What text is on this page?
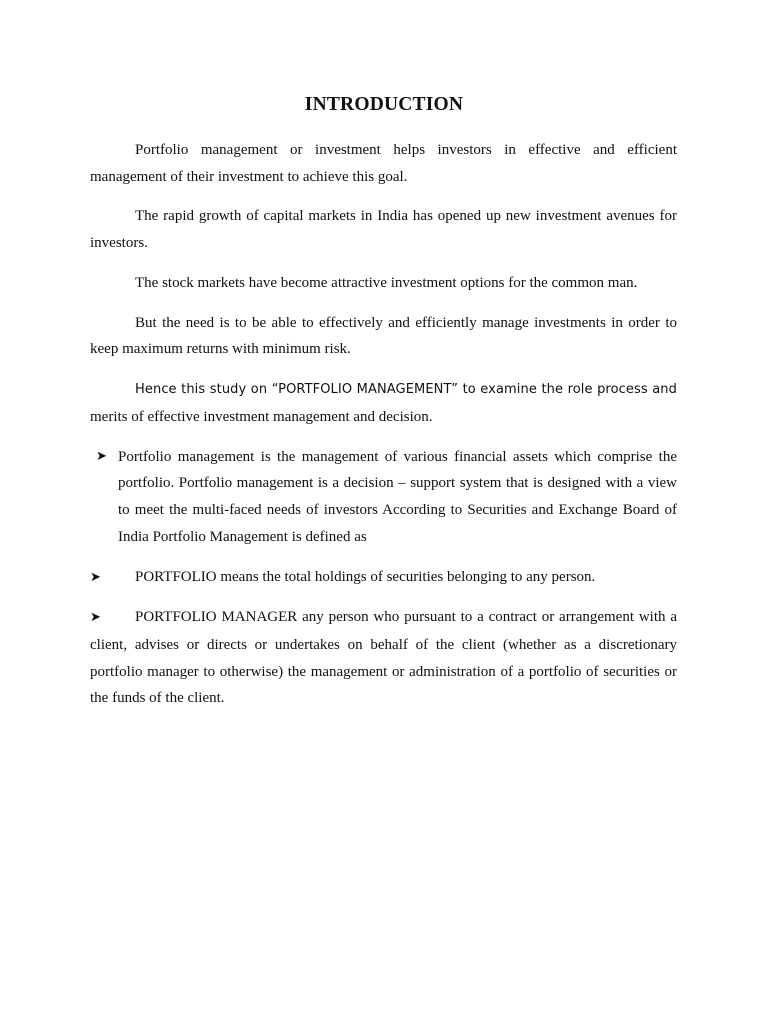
INTRODUCTION

Portfolio management or investment helps investors in effective and efficient management of their investment to achieve this goal.

The rapid growth of capital markets in India has opened up new investment avenues for investors.

The stock markets have become attractive investment options for the common man.

But the need is to be able to effectively and efficiently manage investments in order to keep maximum returns with minimum risk.

Hence this study on “PORTFOLIO MANAGEMENT” to examine the role process and merits of effective investment management and decision.

➤ Portfolio management is the management of various financial assets which comprise the portfolio. Portfolio management is a decision – support system that is designed with a view to meet the multi-faced needs of investors According to Securities and Exchange Board of India Portfolio Management is defined as
➤ PORTFOLIO means the total holdings of securities belonging to any person.
➤ PORTFOLIO MANAGER any person who pursuant to a contract or arrangement with a client, advises or directs or undertakes on behalf of the client (whether as a discretionary portfolio manager to otherwise) the management or administration of a portfolio of securities or the funds of the client.
